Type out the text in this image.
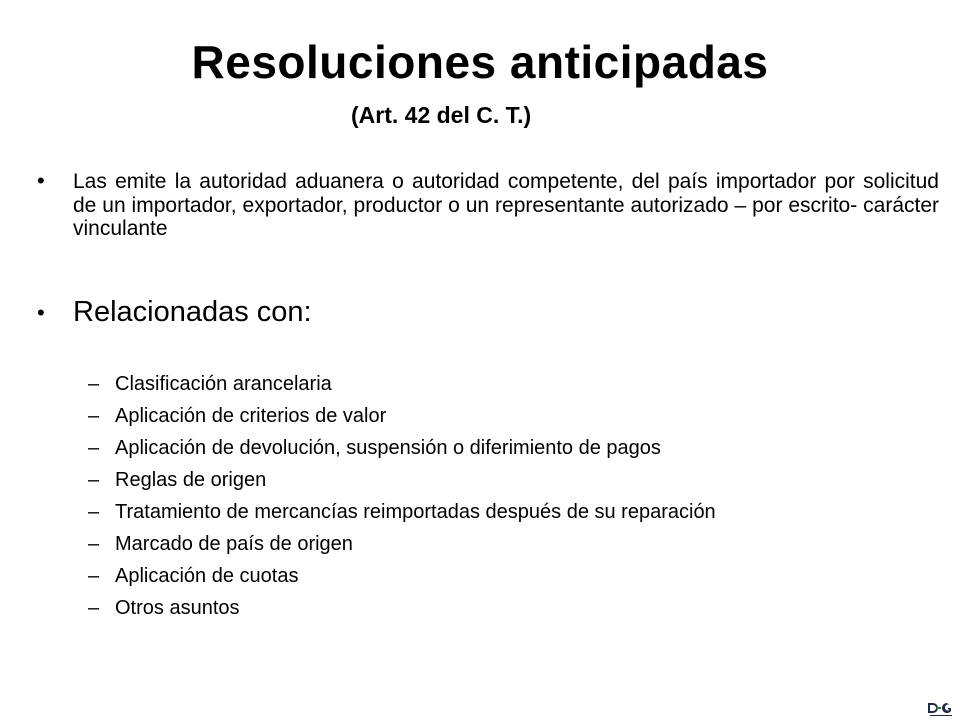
Resoluciones anticipadas
(Art. 42 del C. T.)
• Las emite la autoridad aduanera o autoridad competente, del país importador por solicitud de un importador, exportador, productor o un representante autorizado – por escrito- carácter vinculante
• Relacionadas con:
– Clasificación arancelaria
– Aplicación de criterios de valor
– Aplicación de devolución, suspensión o diferimiento de pagos
– Reglas de origen
– Tratamiento de mercancías reimportadas después de su reparación
– Marcado de país de origen
– Aplicación de cuotas
– Otros asuntos
